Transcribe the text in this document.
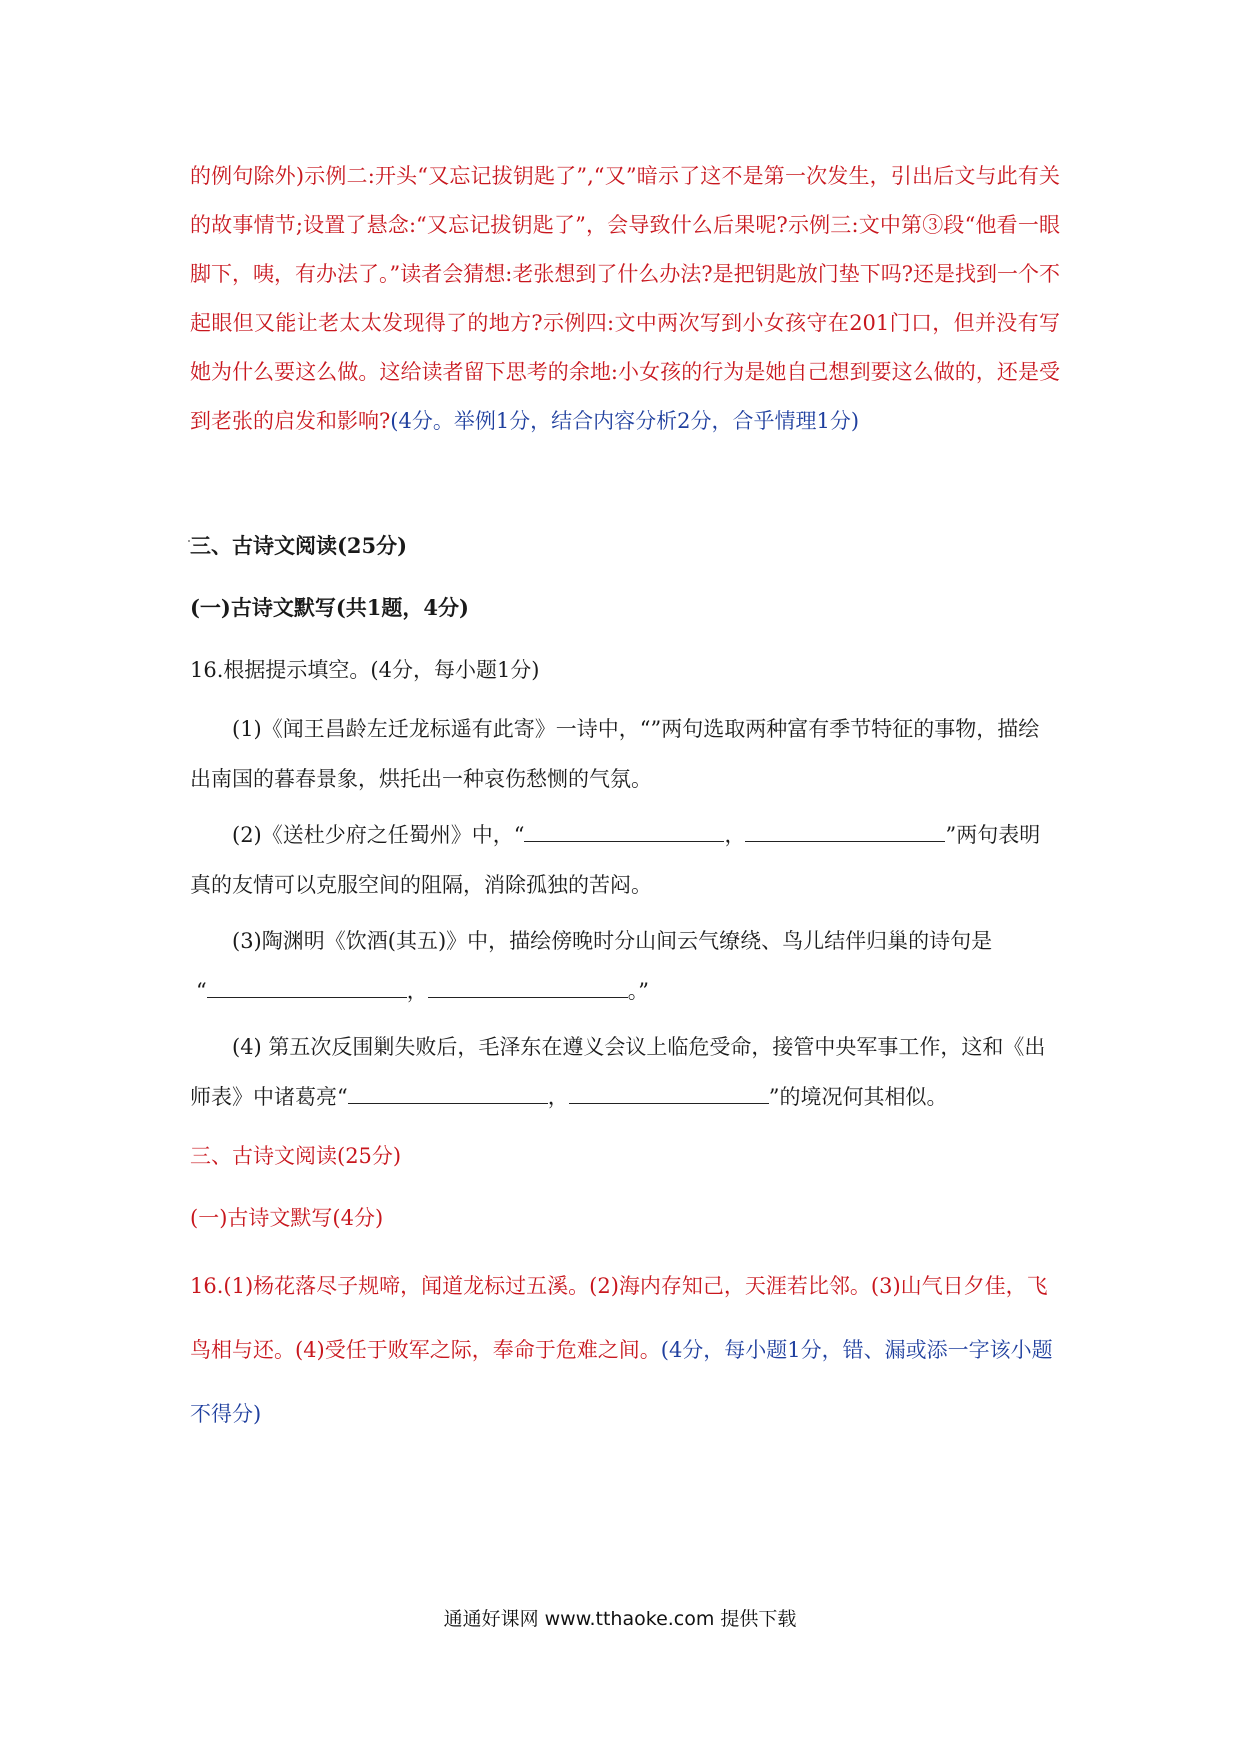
的例句除外)示例二:开头“又忘记拔钥匙了”,“又”暗示了这不是第一次发生，引出后文与此有关的故事情节;设置了悬念:“又忘记拔钥匙了”，会导致什么后果呢?示例三:文中第③段“他看一眼脚下，咦，有办法了。”读者会猜想:老张想到了什么办法?是把钥匙放门垫下吗?还是找到一个不起眼但又能让老太太发现得了的地方?示例四:文中两次写到小女孩守在201门口，但并没有写她为什么要这么做。这给读者留下思考的余地:小女孩的行为是她自己想到要这么做的，还是受到老张的启发和影响?(4分。举例1分，结合内容分析2分，合乎情理1分)
三、古诗文阅读(25分)
(一)古诗文默写(共1题，4分)
16.根据提示填空。(4分，每小题1分)
(1)《闻王昌龄左迁龙标遥有此寄》一诗中，“”两句选取两种富有季节特征的事物，描绘出南国的暮春景象，烘托出一种哀伤愁恻的气氛。
(2)《送杜少府之任蜀州》中，“	，	”两句表明真的友情可以克服空间的阻隔，消除孤独的苦闷。
(3)陶渊明《饮酒(其五)》中，描绘傍晚时分山间云气缭绕、鸟儿结伴归巢的诗句是
“	，	。”
(4) 第五次反围剿失败后，毛泽东在遵义会议上临危受命，接管中央军事工作，这和《出师表》中诸葛亮“	，	”的境况何其相似。
三、古诗文阅读(25分)
(一)古诗文默写(4分)
16.(1)杨花落尽子规啼，闻道龙标过五溪。(2)海内存知己，天涯若比邻。(3)山气日夕佳，飞鸟相与还。(4)受任于败军之际，奉命于危难之间。(4分，每小题1分，错、漏或添一字该小题不得分)
通通好课网 www.tthaoke.com 提供下载
